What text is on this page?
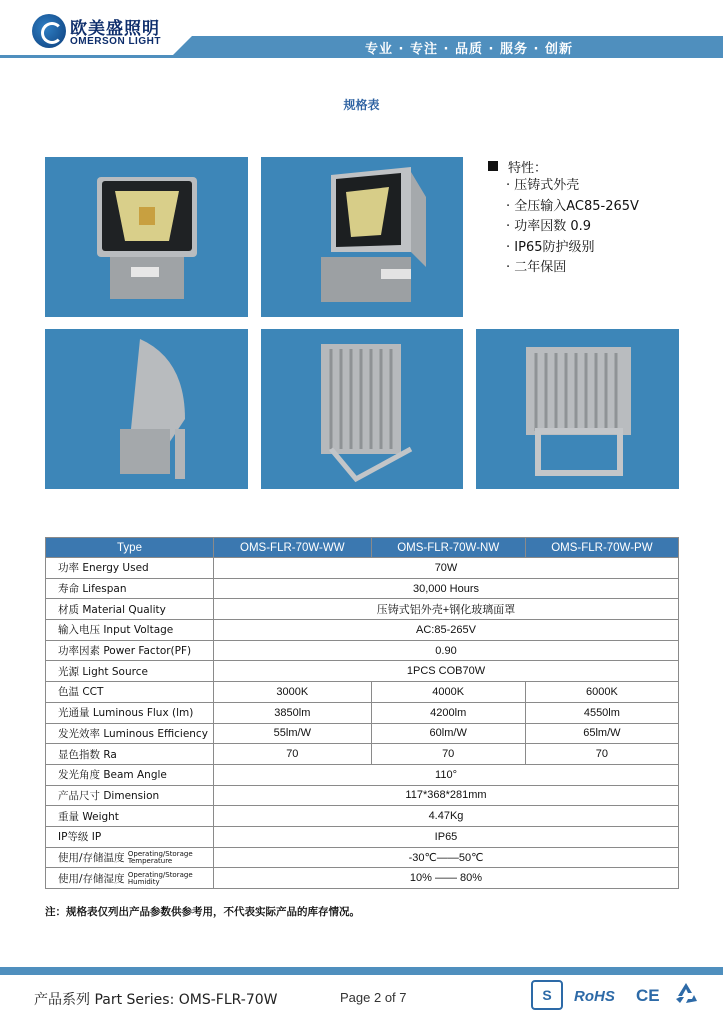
欧美盛照明
OMERSON LIGHT
专业 · 专注 · 品质 · 服务 · 创新
规格表
特性：
· 压铸式外壳
· 全压输入AC85-265V
· 功率因数 0.9
· IP65防护级别
· 二年保固
Type	OMS-FLR-70W-WW	OMS-FLR-70W-NW	OMS-FLR-70W-PW
功率 Energy Used	70W		
寿命 Lifespan	30,000 Hours		
材质 Material Quality	压铸式铝外壳+钢化玻璃面罩		
输入电压 Input Voltage	AC:85-265V		
功率因素 Power Factor(PF)	0.90		
光源 Light Source	1PCS COB70W		
色温 CCT	3000K	4000K	6000K
光通量 Luminous Flux (lm)	3850lm	4200lm	4550lm
发光效率 Luminous Efficiency	55lm/W	60lm/W	65lm/W
显色指数 Ra	70	70	70
发光角度 Beam Angle	110°		
产品尺寸 Dimension	117*368*281mm		
重量 Weight	4.47Kg		
IP等级 IP	IP65		
使用/存储温度 Operating/Storage
Temperature	-30℃——50℃		
使用/存储湿度 Operating/Storage
Humidity	10% —— 80%		
注：规格表仅列出产品参数供参考用，不代表实际产品的库存情况。
产品系列 Part Series: OMS-FLR-70W	Page 2 of 7	S RoHS CE
